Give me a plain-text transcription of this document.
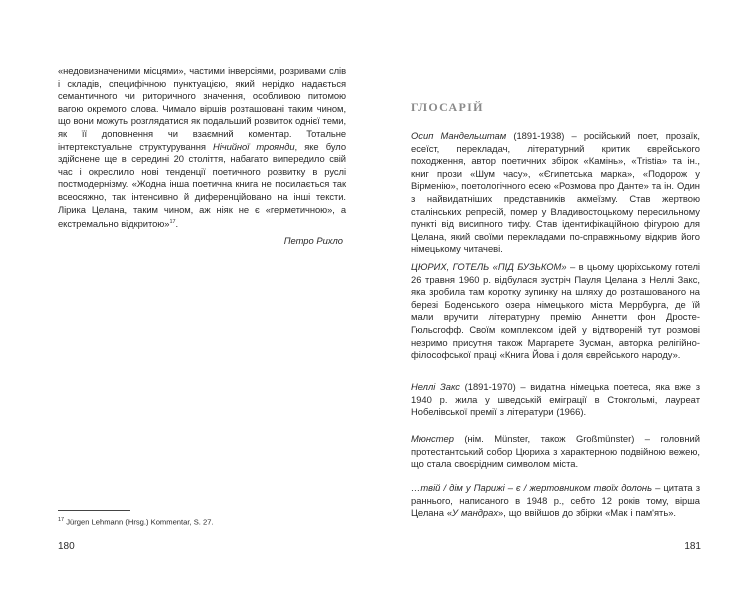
«недовизначеними місцями», частими інверсіями, розривами слів і складів, специфічною пунктуацією, який нерідко надається семантичного чи риторичного значення, особливою питомою вагою окремого слова. Чимало віршів розташовані таким чином, що вони можуть розглядатися як подальший розвиток однієї теми, як її доповнення чи взаємний коментар. Тотальне інтертекстуальне структурування Нічийної троянди, яке було здійснене ще в середині 20 століття, набагато випередило свій час і окреслило нові тенденції поетичного розвитку в руслі постмодернізму. «Жодна інша поетична книга не посилається так всеосяжно, так інтенсивно й диференційовано на інші тексти. Лірика Целана, таким чином, аж ніяк не є «герметичною», а екстремально відкритою»$^{17}$.

Петро Рихло
$^{17}$ Jürgen Lehmann (Hrsg.) Kommentar, S. 27.
180
ГЛОСАРІЙ

Осип Мандельштам (1891-1938) – російський поет, прозаїк, есеїст, перекладач, літературний критик єврейського походження, автор поетичних збірок «Камінь», «Tristia» та ін., книг прози «Шум часу», «Єгипетська марка», «Подорож у Вірменію», поетологічного есею «Розмова про Данте» та ін. Один з найвидатніших представників акмеїзму. Став жертвою сталінських репресій, помер у Владивостоцькому пересильному пункті від висипного тифу. Став ідентифікаційною фігурою для Целана, який своїми перекладами по-справжньому відкрив його німецькому читачеві.

ЦЮРИХ, ГОТЕЛЬ «ПІД БУЗЬКОМ» – в цьому цюріхському готелі 26 травня 1960 р. відбулася зустріч Пауля Целана з Неллі Закс, яка зробила там коротку зупинку на шляху до розташованого на березі Боденського озера німецького міста Меррбурга, де їй мали вручити літературну премію Аннетти фон Дросте-Гюльсгофф. Своїм комплексом ідей у відтвореній тут розмові незримо присутня також Маргарете Зусман, авторка релігійно-філософської праці «Книга Йова і доля єврейського народу».

Неллі Закс (1891-1970) – видатна німецька поетеса, яка вже з 1940 р. жила у шведській еміграції в Стокгольмі, лауреат Нобелівської премії з літератури (1966).

Мюнстер (нім. Münster, також Großmünster) – головний протестантський собор Цюриха з характерною подвійною вежею, що стала своєрідним символом міста.

…твій / дім у Парижі – є / жертовником твоїх долонь – цитата з раннього, написаного в 1948 р., себто 12 років тому, вірша Целана «У мандрах», що ввійшов до збірки «Мак і пам'ять».

181
